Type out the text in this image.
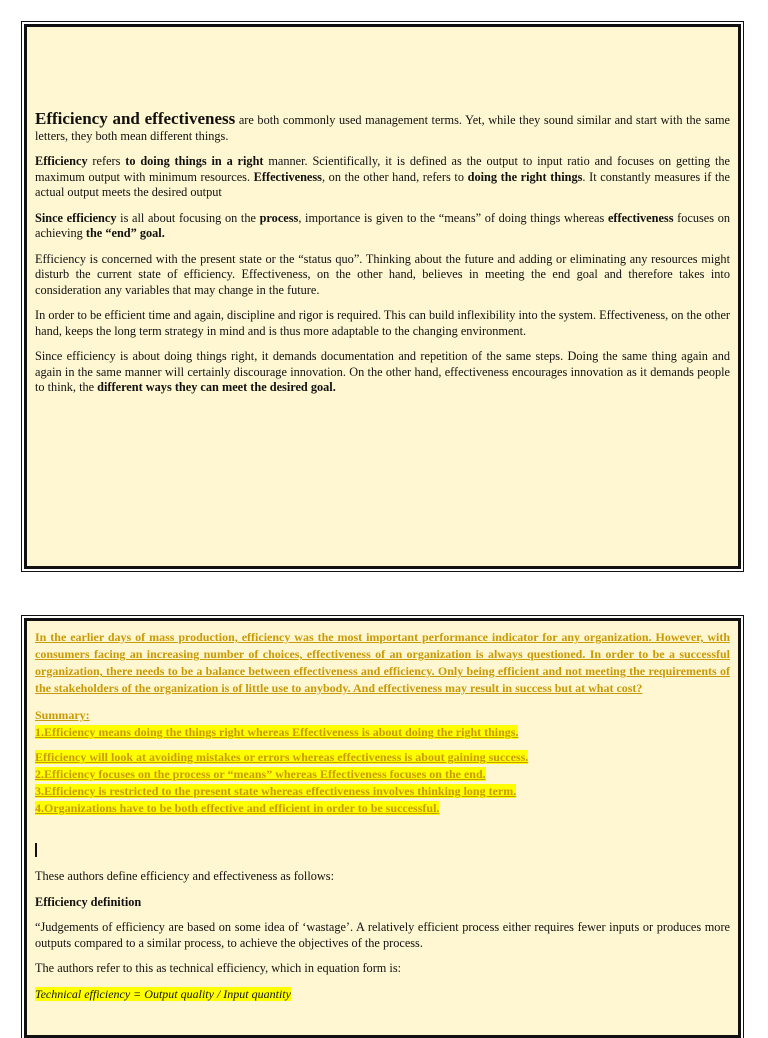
Efficiency and effectiveness are both commonly used management terms. Yet, while they sound similar and start with the same letters, they both mean different things.

Efficiency refers to doing things in a right manner. Scientifically, it is defined as the output to input ratio and focuses on getting the maximum output with minimum resources. Effectiveness, on the other hand, refers to doing the right things. It constantly measures if the actual output meets the desired output

Since efficiency is all about focusing on the process, importance is given to the “means” of doing things whereas effectiveness focuses on achieving the “end” goal.

Efficiency is concerned with the present state or the “status quo”. Thinking about the future and adding or eliminating any resources might disturb the current state of efficiency. Effectiveness, on the other hand, believes in meeting the end goal and therefore takes into consideration any variables that may change in the future.

In order to be efficient time and again, discipline and rigor is required. This can build inflexibility into the system. Effectiveness, on the other hand, keeps the long term strategy in mind and is thus more adaptable to the changing environment.

Since efficiency is about doing things right, it demands documentation and repetition of the same steps. Doing the same thing again and again in the same manner will certainly discourage innovation. On the other hand, effectiveness encourages innovation as it demands people to think, the different ways they can meet the desired goal.

In the earlier days of mass production, efficiency was the most important performance indicator for any organization. However, with consumers facing an increasing number of choices, effectiveness of an organization is always questioned. In order to be a successful organization, there needs to be a balance between effectiveness and efficiency. Only being efficient and not meeting the requirements of the stakeholders of the organization is of little use to anybody. And effectiveness may result in success but at what cost?

Summary:
1.Efficiency means doing the things right whereas Effectiveness is about doing the right things.
Efficiency will look at avoiding mistakes or errors whereas effectiveness is about gaining success.
2.Efficiency focuses on the process or “means” whereas Effectiveness focuses on the end.
3.Efficiency is restricted to the present state whereas effectiveness involves thinking long term.
4.Organizations have to be both effective and efficient in order to be successful.

These authors define efficiency and effectiveness as follows:

Efficiency definition

“Judgements of efficiency are based on some idea of ‘wastage’. A relatively efficient process either requires fewer inputs or produces more outputs compared to a similar process, to achieve the objectives of the process.

The authors refer to this as technical efficiency, which in equation form is:

Technical efficiency = Output quality / Input quantity
